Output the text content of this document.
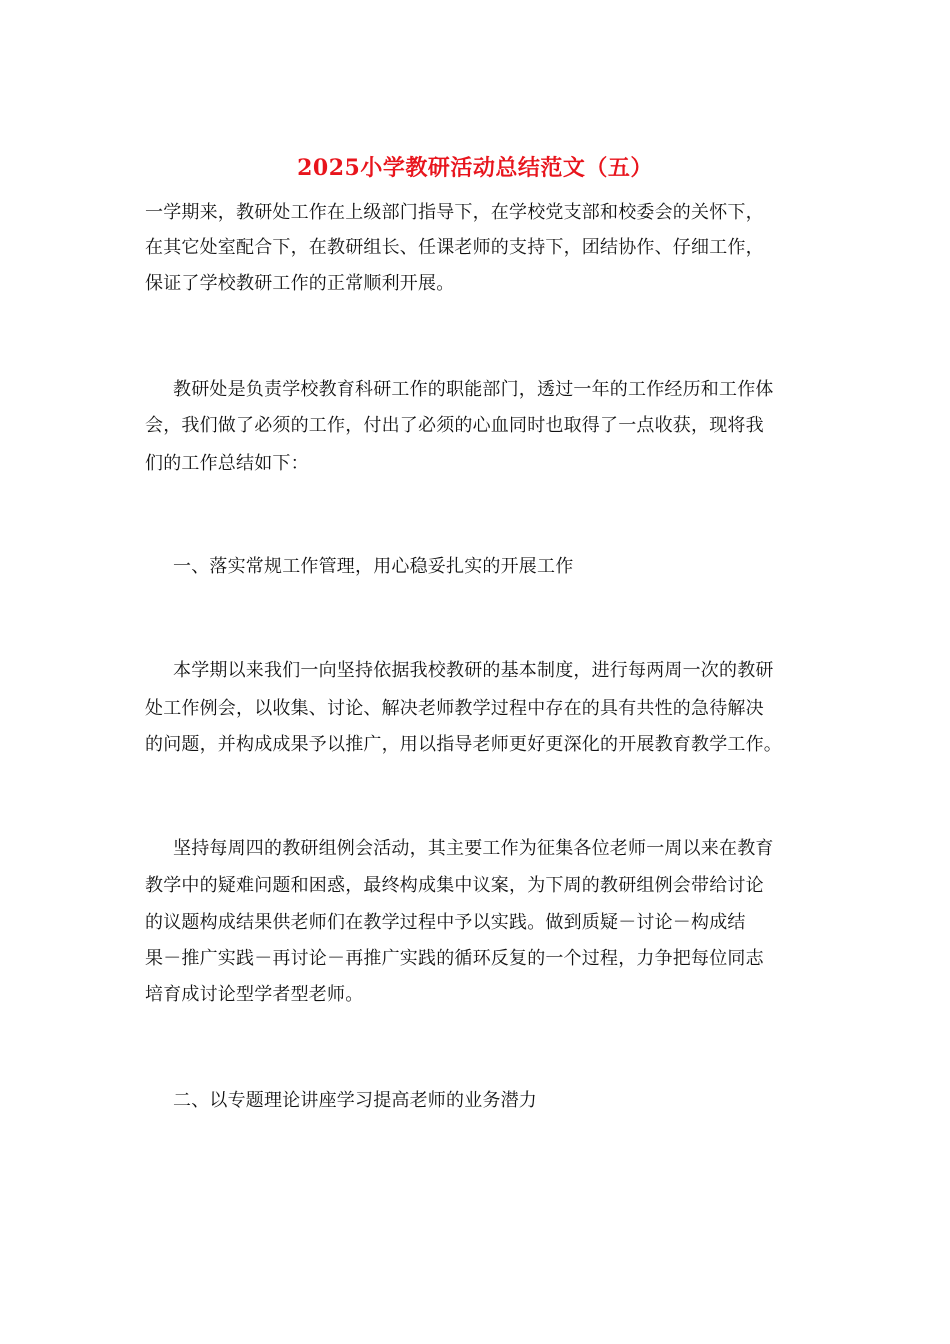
2025小学教研活动总结范文（五）
一学期来，教研处工作在上级部门指导下，在学校党支部和校委会的关怀下，
在其它处室配合下，在教研组长、任课老师的支持下，团结协作、仔细工作，
保证了学校教研工作的正常顺利开展。
教研处是负责学校教育科研工作的职能部门，透过一年的工作经历和工作体
会，我们做了必须的工作，付出了必须的心血同时也取得了一点收获，现将我
们的工作总结如下：
一、落实常规工作管理，用心稳妥扎实的开展工作
本学期以来我们一向坚持依据我校教研的基本制度，进行每两周一次的教研
处工作例会，以收集、讨论、解决老师教学过程中存在的具有共性的急待解决
的问题，并构成成果予以推广，用以指导老师更好更深化的开展教育教学工作。
坚持每周四的教研组例会活动，其主要工作为征集各位老师一周以来在教育
教学中的疑难问题和困惑，最终构成集中议案，为下周的教研组例会带给讨论
的议题构成结果供老师们在教学过程中予以实践。做到质疑－讨论－构成结
果－推广实践－再讨论－再推广实践的循环反复的一个过程，力争把每位同志
培育成讨论型学者型老师。
二、以专题理论讲座学习提高老师的业务潜力
